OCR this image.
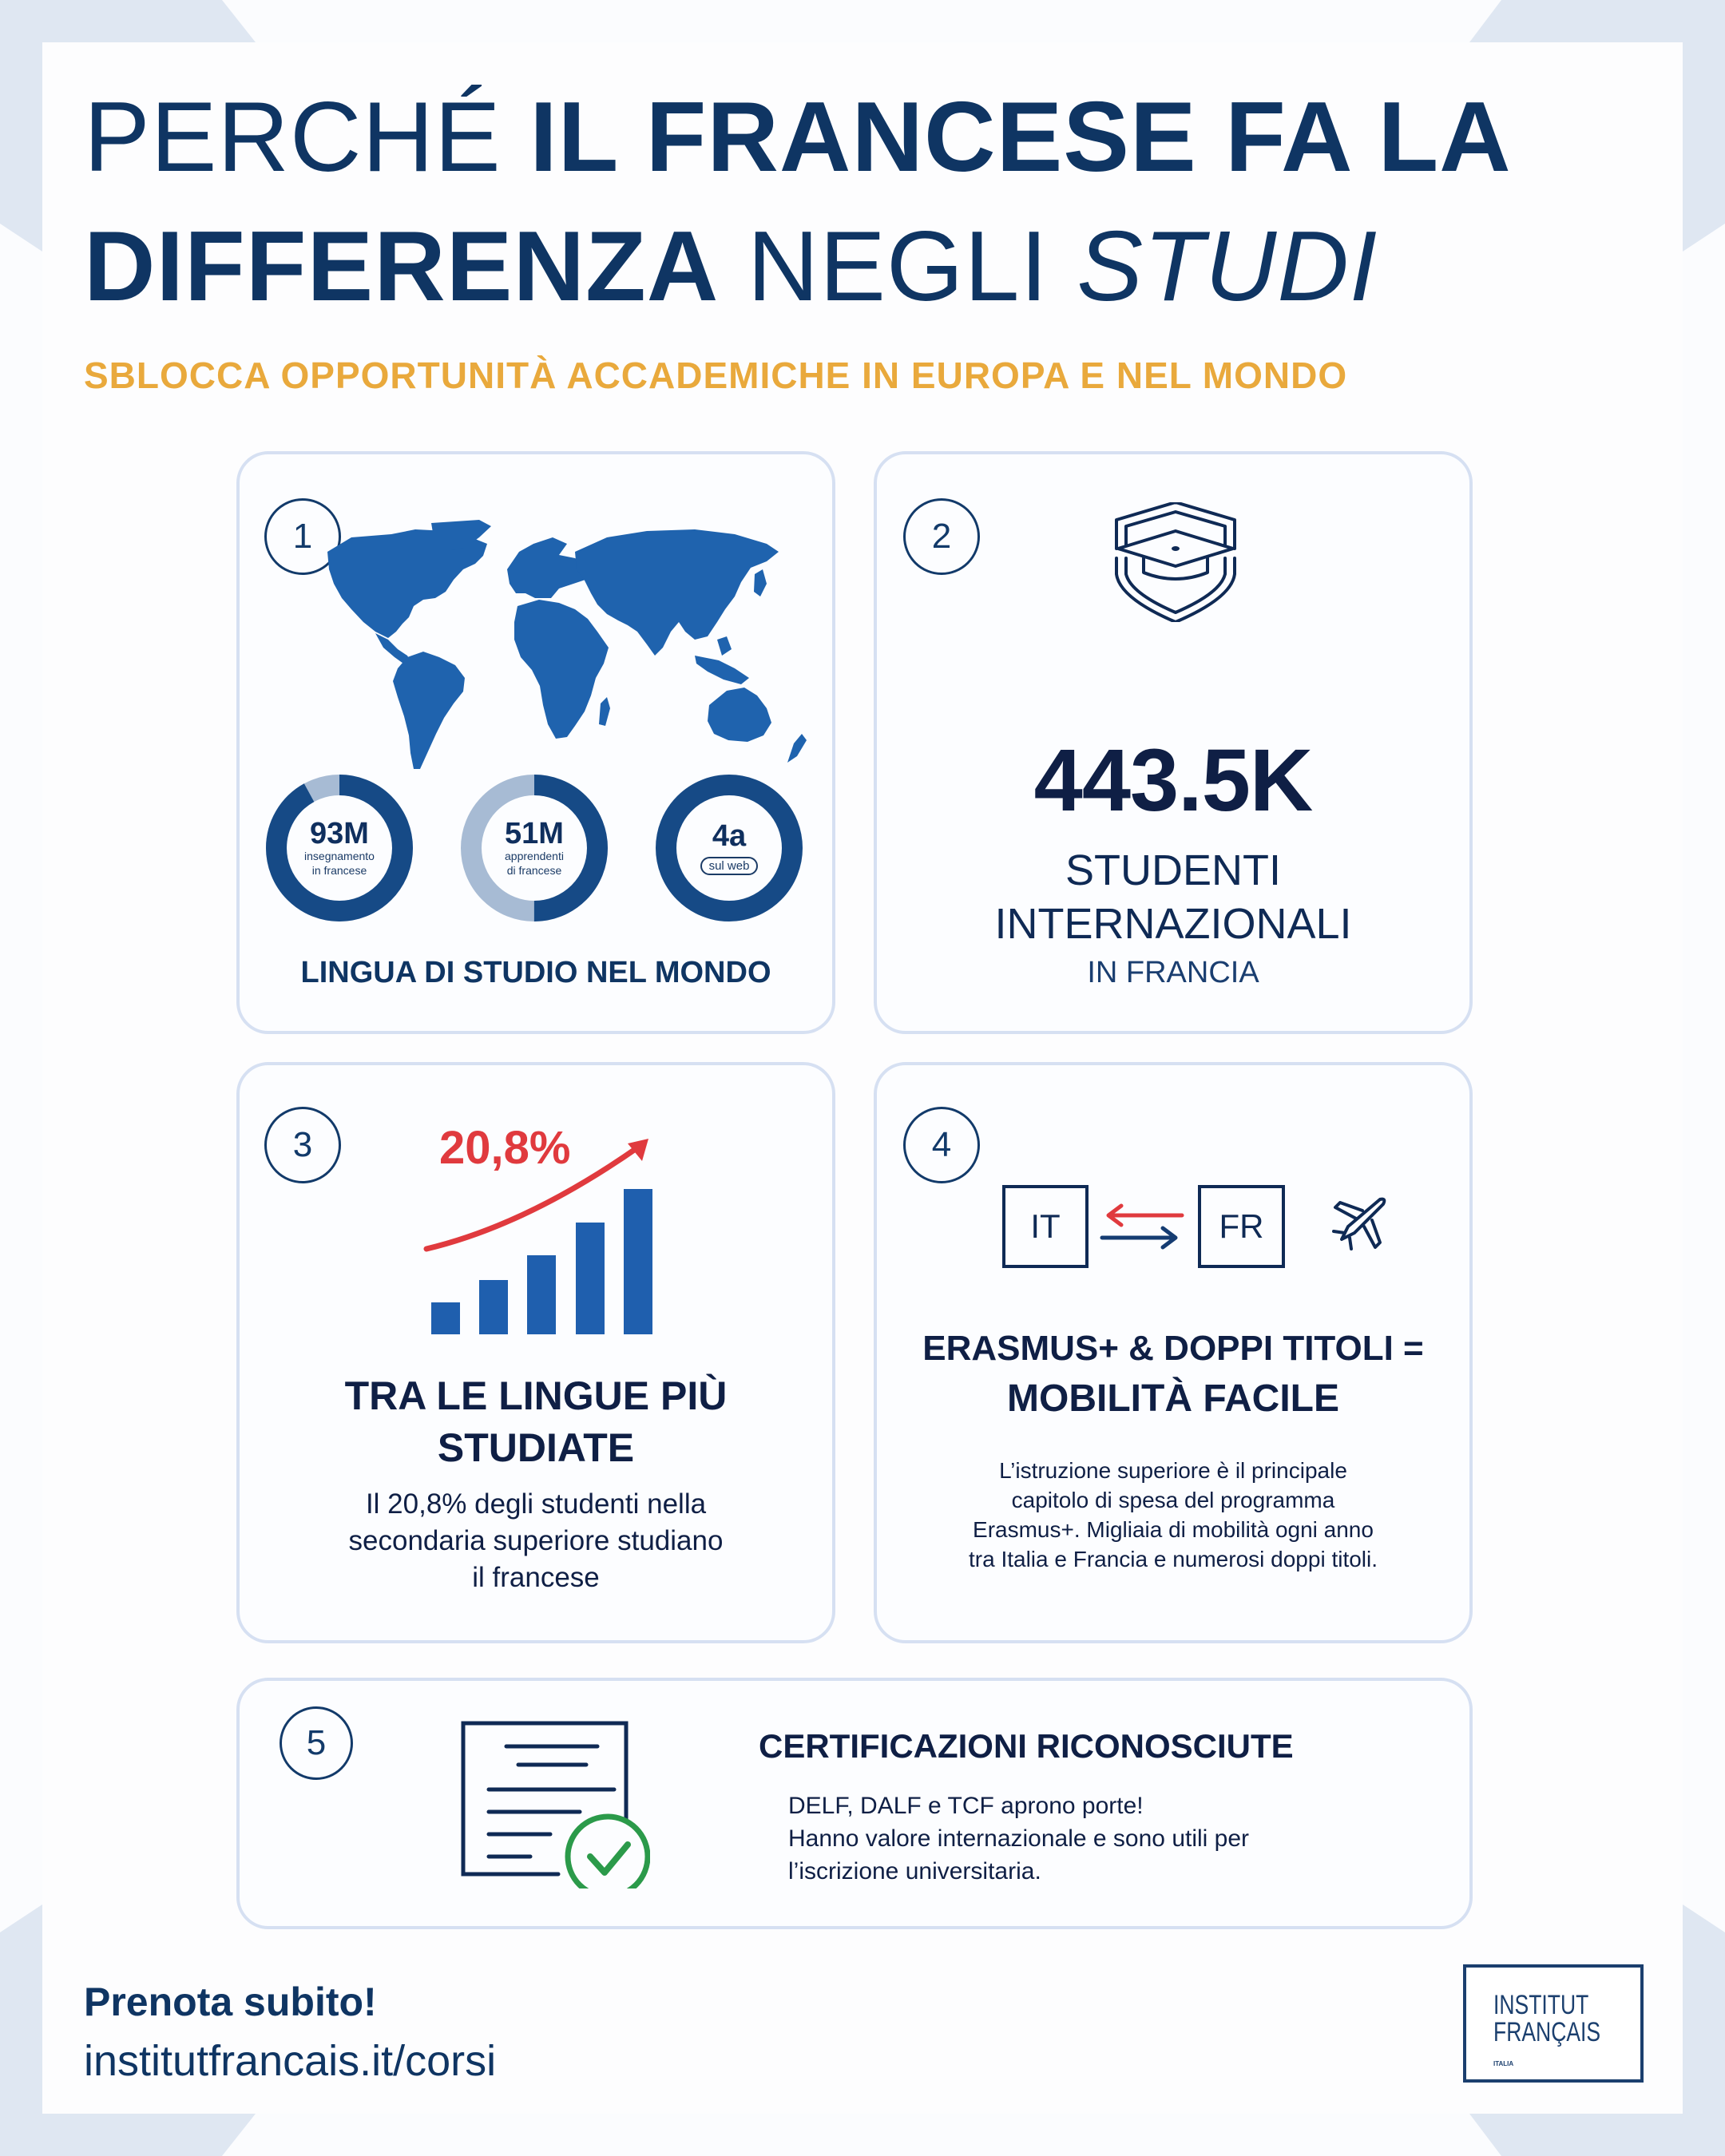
PERCHÉ IL FRANCESE FA LA
DIFFERENZA NEGLI STUDI
SBLOCCA OPPORTUNITÀ ACCADEMICHE IN EUROPA E NEL MONDO
1
93M
insegnamento
in francese
51M
apprendenti
di francese
4a
sul web
LINGUA DI STUDIO NEL MONDO
2
443.5K
STUDENTI
INTERNAZIONALI
IN FRANCIA
3	20,8%
TRA LE LINGUE PIÙ
STUDIATE
Il 20,8% degli studenti nella
secondaria superiore studiano
il francese
4
IT	FR
ERASMUS+ & DOPPI TITOLI =
MOBILITÀ FACILE
L’istruzione superiore è il principale
capitolo di spesa del programma
Erasmus+. Migliaia di mobilità ogni anno
tra Italia e Francia e numerosi doppi titoli.
5	CERTIFICAZIONI RICONOSCIUTE
DELF, DALF e TCF aprono porte!
Hanno valore internazionale e sono utili per
l’iscrizione universitaria.
Prenota subito!
institutfrancais.it/corsi
INSTITUT
FRANÇAIS
ITALIA
